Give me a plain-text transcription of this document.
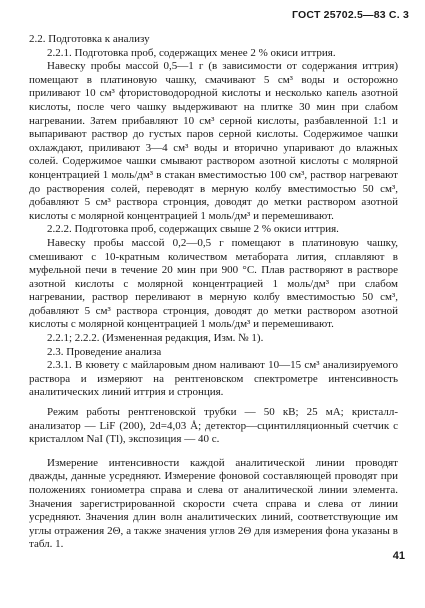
ГОСТ 25702.5—83 С. 3

2.2. Подготовка к анализу

2.2.1. Подготовка проб, содержащих менее 2 % окиси иттрия.

Навеску пробы массой 0,5—1 г (в зависимости от содержания иттрия) помещают в платиновую чашку, смачивают 5 см³ воды и осторожно приливают 10 см³ фтористоводородной кислоты и несколько капель азотной кислоты, после чего чашку выдерживают на плитке 30 мин при слабом нагревании. Затем прибавляют 10 см³ серной кислоты, разбавленной 1:1 и выпаривают раствор до густых паров серной кислоты. Содержимое чашки охлаждают, приливают 3—4 см³ воды и вторично упаривают до влажных солей. Содержимое чашки смывают раствором азотной кислоты с молярной концентрацией 1 моль/дм³ в стакан вместимостью 100 см³, раствор нагревают до растворения солей, переводят в мерную колбу вместимостью 50 см³, добавляют 5 см³ раствора стронция, доводят до метки раствором азотной кислоты с молярной концентрацией 1 моль/дм³ и перемешивают.

2.2.2. Подготовка проб, содержащих свыше 2 % окиси иттрия.

Навеску пробы массой 0,2—0,5 г помещают в платиновую чашку, смешивают с 10-кратным количеством метабората лития, сплавляют в муфельной печи в течение 20 мин при 900 °С. Плав растворяют в растворе азотной кислоты с молярной концентрацией 1 моль/дм³ при слабом нагревании, раствор переливают в мерную колбу вместимостью 50 см³, добавляют 5 см³ раствора стронция, доводят до метки раствором азотной кислоты с молярной концентрацией 1 моль/дм³ и перемешивают.

2.2.1; 2.2.2. (Измененная редакция, Изм. № 1).

2.3. Проведение анализа

2.3.1. В кювету с майларовым дном наливают 10—15 см³ анализируемого раствора и измеряют на рентгеновском спектрометре интенсивность аналитических линий иттрия и стронция.

Режим работы рентгеновской трубки — 50 кВ; 25 мА; кристалл-анализатор — LiF (200), 2d=4,03 Å; детектор—сцинтилляционный счетчик с кристаллом NaI (Tl), экспозиция — 40 с.

Измерение интенсивности каждой аналитической линии проводят дважды, данные усредняют. Измерение фоновой составляющей проводят при положениях гониометра справа и слева от аналитической линии элемента. Значения зарегистрированной скорости счета справа и слева от линии усредняют. Значения длин волн аналитических линий, соответствующие им углы отражения 2Θ, а также значения углов 2Θ для измерения фона указаны в табл. 1.

41
